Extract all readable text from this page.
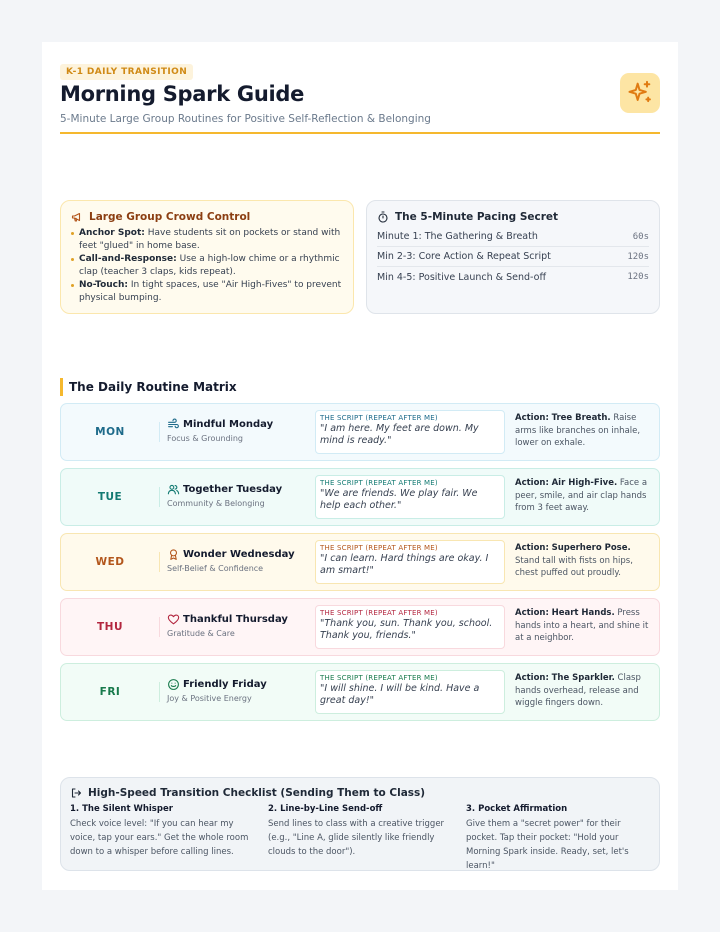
K-1 DAILY TRANSITION
Morning Spark Guide
5-Minute Large Group Routines for Positive Self-Reflection & Belonging
Large Group Crowd Control
Anchor Spot: Have students sit on pockets or stand with feet "glued" in home base.
Call-and-Response: Use a high-low chime or a rhythmic clap (teacher 3 claps, kids repeat).
No-Touch: In tight spaces, use "Air High-Fives" to prevent physical bumping.
The 5-Minute Pacing Secret
Minute 1: The Gathering & Breath	60s
Min 2-3: Core Action & Repeat Script	120s
Min 4-5: Positive Launch & Send-off	120s
The Daily Routine Matrix
MON
Mindful Monday
Focus & Grounding
THE SCRIPT (REPEAT AFTER ME)
"I am here. My feet are down. My mind is ready."
Action: Tree Breath. Raise arms like branches on inhale, lower on exhale.
TUE
Together Tuesday
Community & Belonging
THE SCRIPT (REPEAT AFTER ME)
"We are friends. We play fair. We help each other."
Action: Air High-Five. Face a peer, smile, and air clap hands from 3 feet away.
WED
Wonder Wednesday
Self-Belief & Confidence
THE SCRIPT (REPEAT AFTER ME)
"I can learn. Hard things are okay. I am smart!"
Action: Superhero Pose. Stand tall with fists on hips, chest puffed out proudly.
THU
Thankful Thursday
Gratitude & Care
THE SCRIPT (REPEAT AFTER ME)
"Thank you, sun. Thank you, school. Thank you, friends."
Action: Heart Hands. Press hands into a heart, and shine it at a neighbor.
FRI
Friendly Friday
Joy & Positive Energy
THE SCRIPT (REPEAT AFTER ME)
"I will shine. I will be kind. Have a great day!"
Action: The Sparkler. Clasp hands overhead, release and wiggle fingers down.
High-Speed Transition Checklist (Sending Them to Class)
1. The Silent Whisper
Check voice level: "If you can hear my voice, tap your ears." Get the whole room down to a whisper before calling lines.
2. Line-by-Line Send-off
Send lines to class with a creative trigger (e.g., "Line A, glide silently like friendly clouds to the door").
3. Pocket Affirmation
Give them a "secret power" for their pocket. Tap their pocket: "Hold your Morning Spark inside. Ready, set, let's learn!"
